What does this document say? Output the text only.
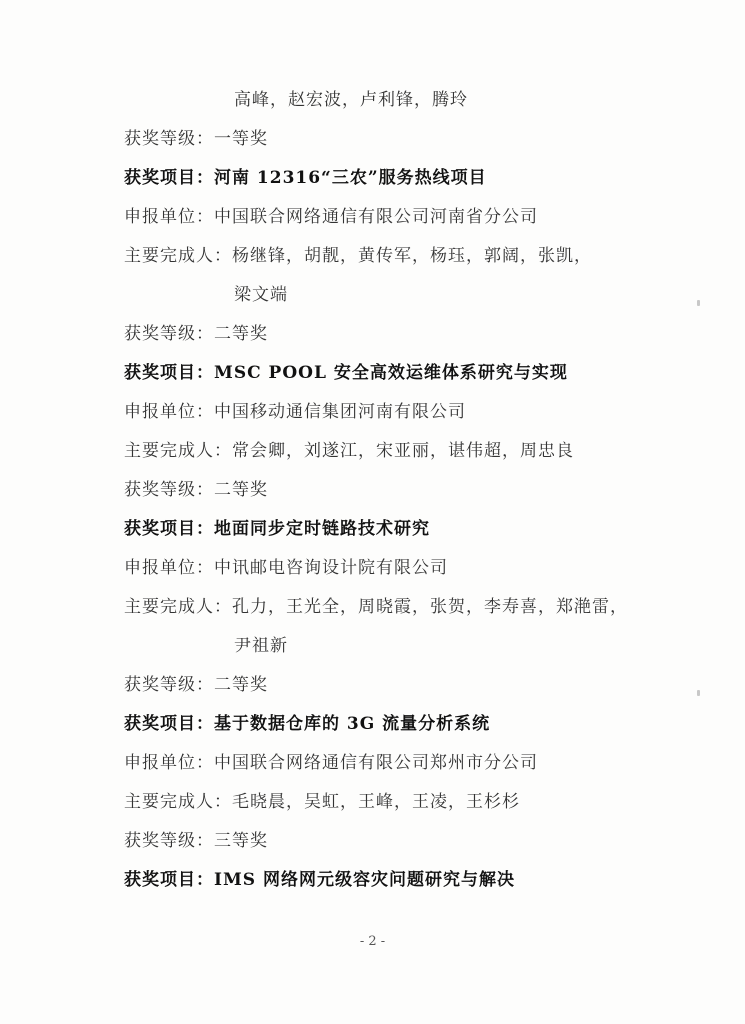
高峰，赵宏波，卢利锋，腾玲
获奖等级：一等奖
获奖项目：河南 12316“三农”服务热线项目
申报单位：中国联合网络通信有限公司河南省分公司
主要完成人：杨继锋，胡靓，黄传军，杨珏，郭阔，张凯，
梁文端
获奖等级：二等奖
获奖项目：MSC POOL 安全高效运维体系研究与实现
申报单位：中国移动通信集团河南有限公司
主要完成人：常会卿，刘遂江，宋亚丽，谌伟超，周忠良
获奖等级：二等奖
获奖项目：地面同步定时链路技术研究
申报单位：中讯邮电咨询设计院有限公司
主要完成人：孔力，王光全，周晓霞，张贺，李寿喜，郑滟雷，
尹祖新
获奖等级：二等奖
获奖项目：基于数据仓库的 3G 流量分析系统
申报单位：中国联合网络通信有限公司郑州市分公司
主要完成人：毛晓晨，吴虹，王峰，王凌，王杉杉
获奖等级：三等奖
获奖项目：IMS 网络网元级容灾问题研究与解决
- 2 -
